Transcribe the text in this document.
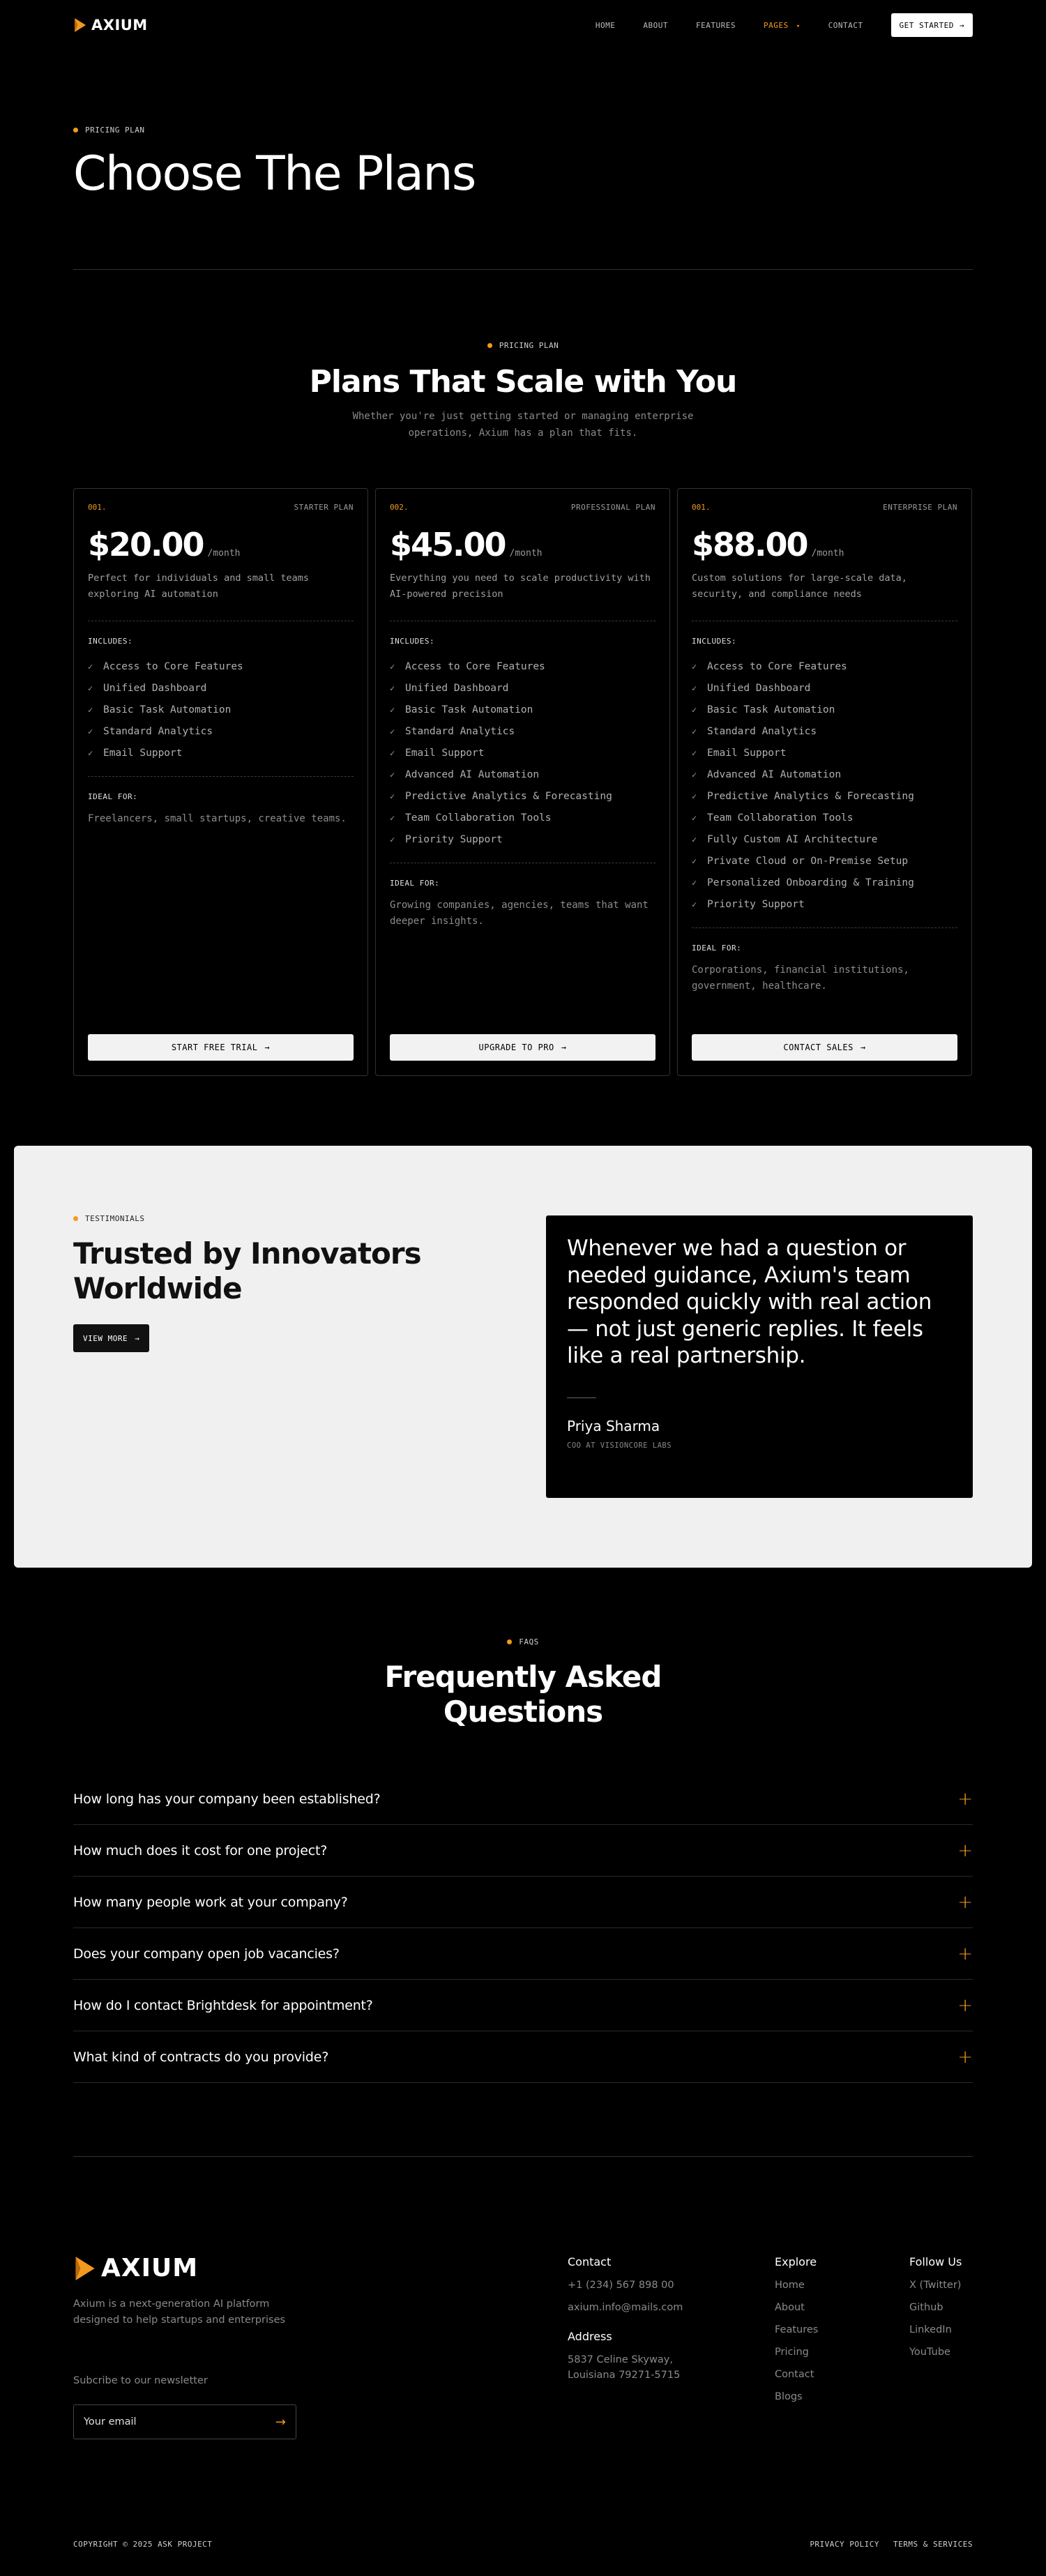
AXIUM	HOME	ABOUT	FEATURES	PAGES ▾	CONTACT	GET STARTED →
PRICING PLAN
Choose The Plans
PRICING PLAN
Plans That Scale with You

Whether you're just getting started or managing enterprise operations, Axium has a plan that fits.

001.	STARTER PLAN
$20.00 /month

Perfect for individuals and small teams exploring AI automation

INCLUDES:
✓	Access to Core Features
✓	Unified Dashboard
✓	Basic Task Automation
✓	Standard Analytics
✓	Email Support
IDEAL FOR:

Freelancers, small startups, creative teams.

START FREE TRIAL →
002.	PROFESSIONAL PLAN
$45.00 /month

Everything you need to scale productivity with AI-powered precision

INCLUDES:
✓	Access to Core Features
✓	Unified Dashboard
✓	Basic Task Automation
✓	Standard Analytics
✓	Email Support
✓	Advanced AI Automation
✓	Predictive Analytics & Forecasting
✓	Team Collaboration Tools
✓	Priority Support
IDEAL FOR:

Growing companies, agencies, teams that want deeper insights.

UPGRADE TO PRO →
001.	ENTERPRISE PLAN
$88.00 /month

Custom solutions for large-scale data, security, and compliance needs

INCLUDES:
✓	Access to Core Features
✓	Unified Dashboard
✓	Basic Task Automation
✓	Standard Analytics
✓	Email Support
✓	Advanced AI Automation
✓	Predictive Analytics & Forecasting
✓	Team Collaboration Tools
✓	Fully Custom AI Architecture
✓	Private Cloud or On-Premise Setup
✓	Personalized Onboarding & Training
✓	Priority Support
IDEAL FOR:

Corporations, financial institutions, government, healthcare.

CONTACT SALES →
TESTIMONIALS
Trusted by Innovators Worldwide
VIEW MORE →

Whenever we had a question or needed guidance, Axium's team responded quickly with real action — not just generic replies. It feels like a real partnership.

Priya Sharma
COO AT VISIONCORE LABS
FAQS
Frequently Asked Questions
How long has your company been established?	+
How much does it cost for one project?	+
How many people work at your company?	+
Does your company open job vacancies?	+
How do I contact Brightdesk for appointment?	+
What kind of contracts do you provide?	+
AXIUM

Axium is a next-generation AI platform designed to help startups and enterprises

Subcribe to our newsletter
Your email	→
Contact
+1 (234) 567 898 00
axium.info@mails.com
Address
5837 Celine Skyway,
Louisiana 79271-5715
Explore
Home
About
Features
Pricing
Contact
Blogs
Follow Us
X (Twitter)
Github
LinkedIn
YouTube
COPYRIGHT © 2025 ASK PROJECT	PRIVACY POLICY TERMS & SERVICES
